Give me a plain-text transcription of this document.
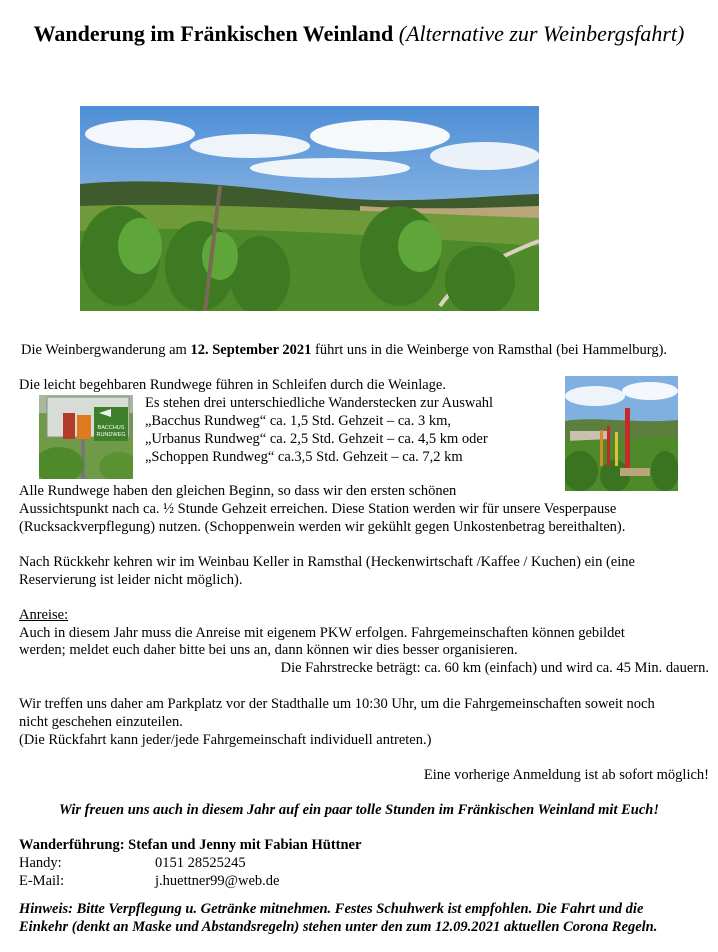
Wanderung im Fränkischen Weinland (Alternative zur Weinbergsfahrt)
Die Weinbergwanderung am 12. September 2021 führt uns in die Weinberge von Ramsthal (bei Hammelburg).
Die leicht begehbaren Rundwege führen in Schleifen durch die Weinlage.
Es stehen drei unterschiedliche Wanderstecken zur Auswahl
„Bacchus Rundweg“ ca. 1,5 Std. Gehzeit – ca. 3 km,
„Urbanus Rundweg“ ca. 2,5 Std. Gehzeit – ca. 4,5 km oder
„Schoppen Rundweg“ ca.3,5 Std. Gehzeit – ca. 7,2 km
BACCHUS
RUNDWEG
Alle Rundwege haben den gleichen Beginn, so dass wir den ersten schönen
Aussichtspunkt nach ca. ½ Stunde Gehzeit erreichen. Diese Station werden wir für unsere Vesperpause
(Rucksackverpflegung) nutzen. (Schoppenwein werden wir gekühlt gegen Unkostenbetrag bereithalten).
Nach Rückkehr kehren wir im Weinbau Keller in Ramsthal (Heckenwirtschaft /Kaffee / Kuchen) ein (eine
Reservierung ist leider nicht möglich).
Anreise:
Auch in diesem Jahr muss die Anreise mit eigenem PKW erfolgen. Fahrgemeinschaften können gebildet
werden; meldet euch daher bitte bei uns an, dann können wir dies besser organisieren.
Die Fahrstrecke beträgt: ca. 60 km (einfach) und wird ca. 45 Min. dauern.
Wir treffen uns daher am Parkplatz vor der Stadthalle um 10:30 Uhr, um die Fahrgemeinschaften soweit noch
nicht geschehen einzuteilen.
(Die Rückfahrt kann jeder/jede Fahrgemeinschaft individuell antreten.)
Eine vorherige Anmeldung ist ab sofort möglich!
Wir freuen uns auch in diesem Jahr auf ein paar tolle Stunden im Fränkischen Weinland mit Euch!
Wanderführung: Stefan und Jenny mit Fabian Hüttner
Handy:	0151 28525245
E-Mail:	j.huettner99@web.de
Hinweis: Bitte Verpflegung u. Getränke mitnehmen. Festes Schuhwerk ist empfohlen. Die Fahrt und die
Einkehr (denkt an Maske und Abstandsregeln) stehen unter den zum 12.09.2021 aktuellen Corona Regeln.
